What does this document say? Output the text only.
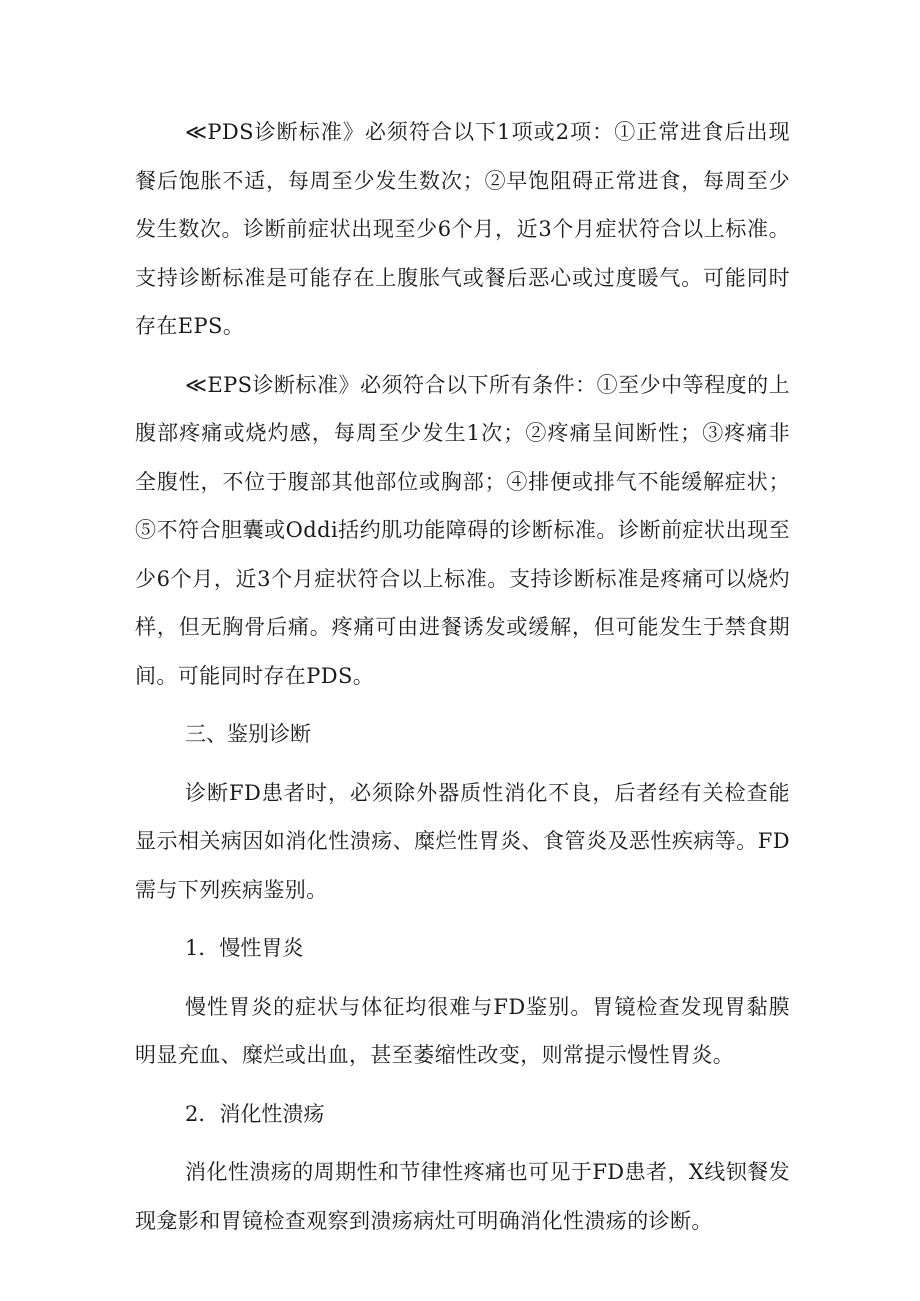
≪PDS诊断标准》必须符合以下1项或2项：①正常进食后出现餐后饱胀不适，每周至少发生数次；②早饱阻碍正常进食，每周至少发生数次。诊断前症状出现至少6个月，近3个月症状符合以上标准。支持诊断标准是可能存在上腹胀气或餐后恶心或过度暖气。可能同时存在EPS。

≪EPS诊断标准》必须符合以下所有条件：①至少中等程度的上腹部疼痛或烧灼感，每周至少发生1次；②疼痛呈间断性；③疼痛非全腹性，不位于腹部其他部位或胸部；④排便或排气不能缓解症状；⑤不符合胆囊或Oddi括约肌功能障碍的诊断标准。诊断前症状出现至少6个月，近3个月症状符合以上标准。支持诊断标准是疼痛可以烧灼样，但无胸骨后痛。疼痛可由进餐诱发或缓解，但可能发生于禁食期间。可能同时存在PDS。

三、鉴别诊断

诊断FD患者时，必须除外器质性消化不良，后者经有关检查能显示相关病因如消化性溃疡、糜烂性胃炎、食管炎及恶性疾病等。FD需与下列疾病鉴别。

1．慢性胃炎

慢性胃炎的症状与体征均很难与FD鉴别。胃镜检查发现胃黏膜明显充血、糜烂或出血，甚至萎缩性改变，则常提示慢性胃炎。

2．消化性溃疡

消化性溃疡的周期性和节律性疼痛也可见于FD患者，X线钡餐发现龛影和胃镜检查观察到溃疡病灶可明确消化性溃疡的诊断。
